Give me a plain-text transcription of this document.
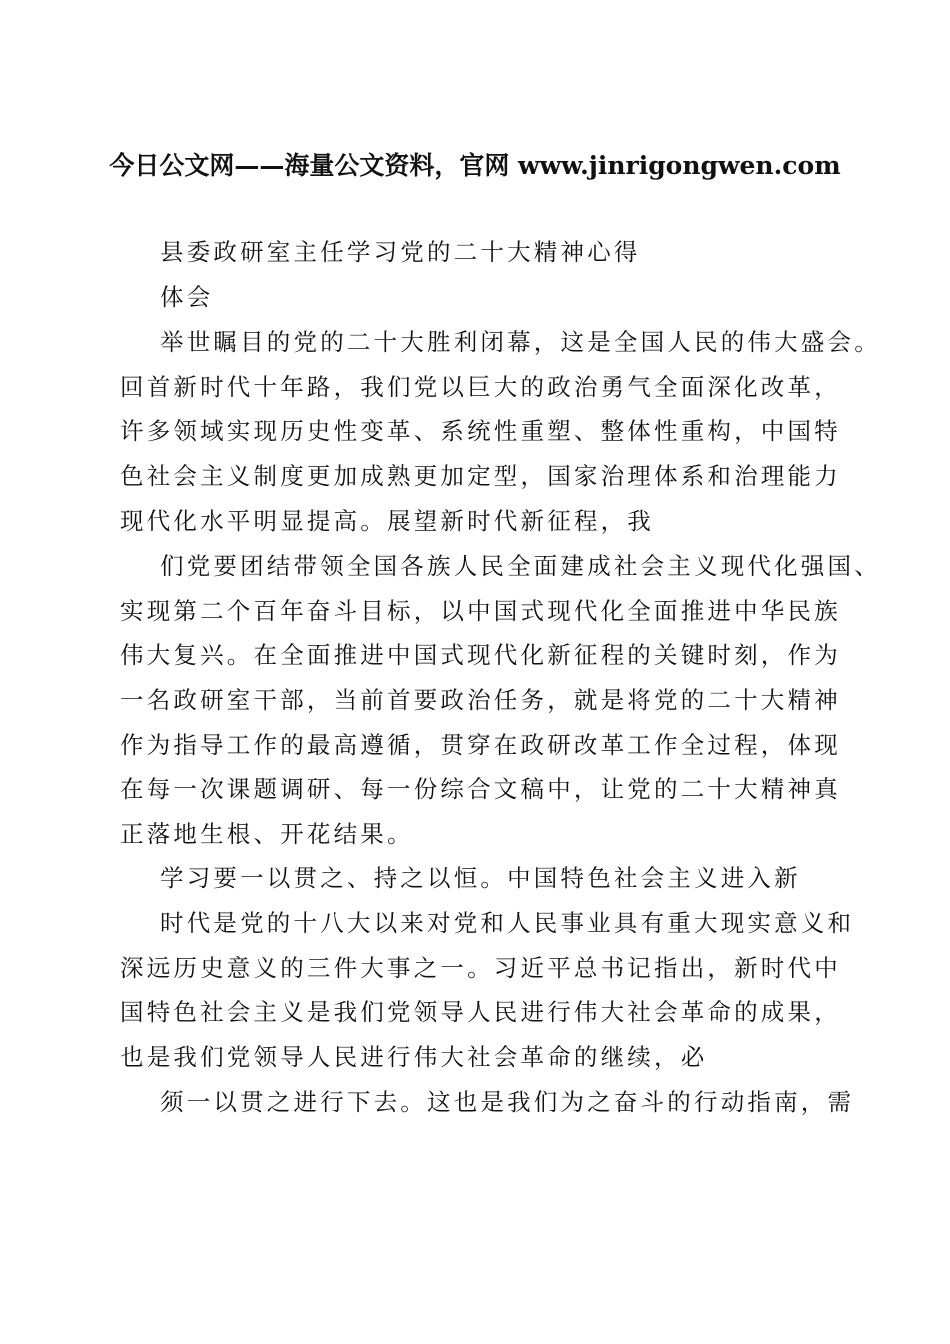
今日公文网——海量公文资料，官网 www.jinrigongwen.com
县委政研室主任学习党的二十大精神心得
体会
举世瞩目的党的二十大胜利闭幕，这是全国人民的伟大盛会。
回首新时代十年路，我们党以巨大的政治勇气全面深化改革，
许多领域实现历史性变革、系统性重塑、整体性重构，中国特
色社会主义制度更加成熟更加定型，国家治理体系和治理能力
现代化水平明显提高。展望新时代新征程，我
们党要团结带领全国各族人民全面建成社会主义现代化强国、
实现第二个百年奋斗目标，以中国式现代化全面推进中华民族
伟大复兴。在全面推进中国式现代化新征程的关键时刻，作为
一名政研室干部，当前首要政治任务，就是将党的二十大精神
作为指导工作的最高遵循，贯穿在政研改革工作全过程，体现
在每一次课题调研、每一份综合文稿中，让党的二十大精神真
正落地生根、开花结果。
学习要一以贯之、持之以恒。中国特色社会主义进入新
时代是党的十八大以来对党和人民事业具有重大现实意义和
深远历史意义的三件大事之一。习近平总书记指出，新时代中
国特色社会主义是我们党领导人民进行伟大社会革命的成果，
也是我们党领导人民进行伟大社会革命的继续，必
须一以贯之进行下去。这也是我们为之奋斗的行动指南，需
